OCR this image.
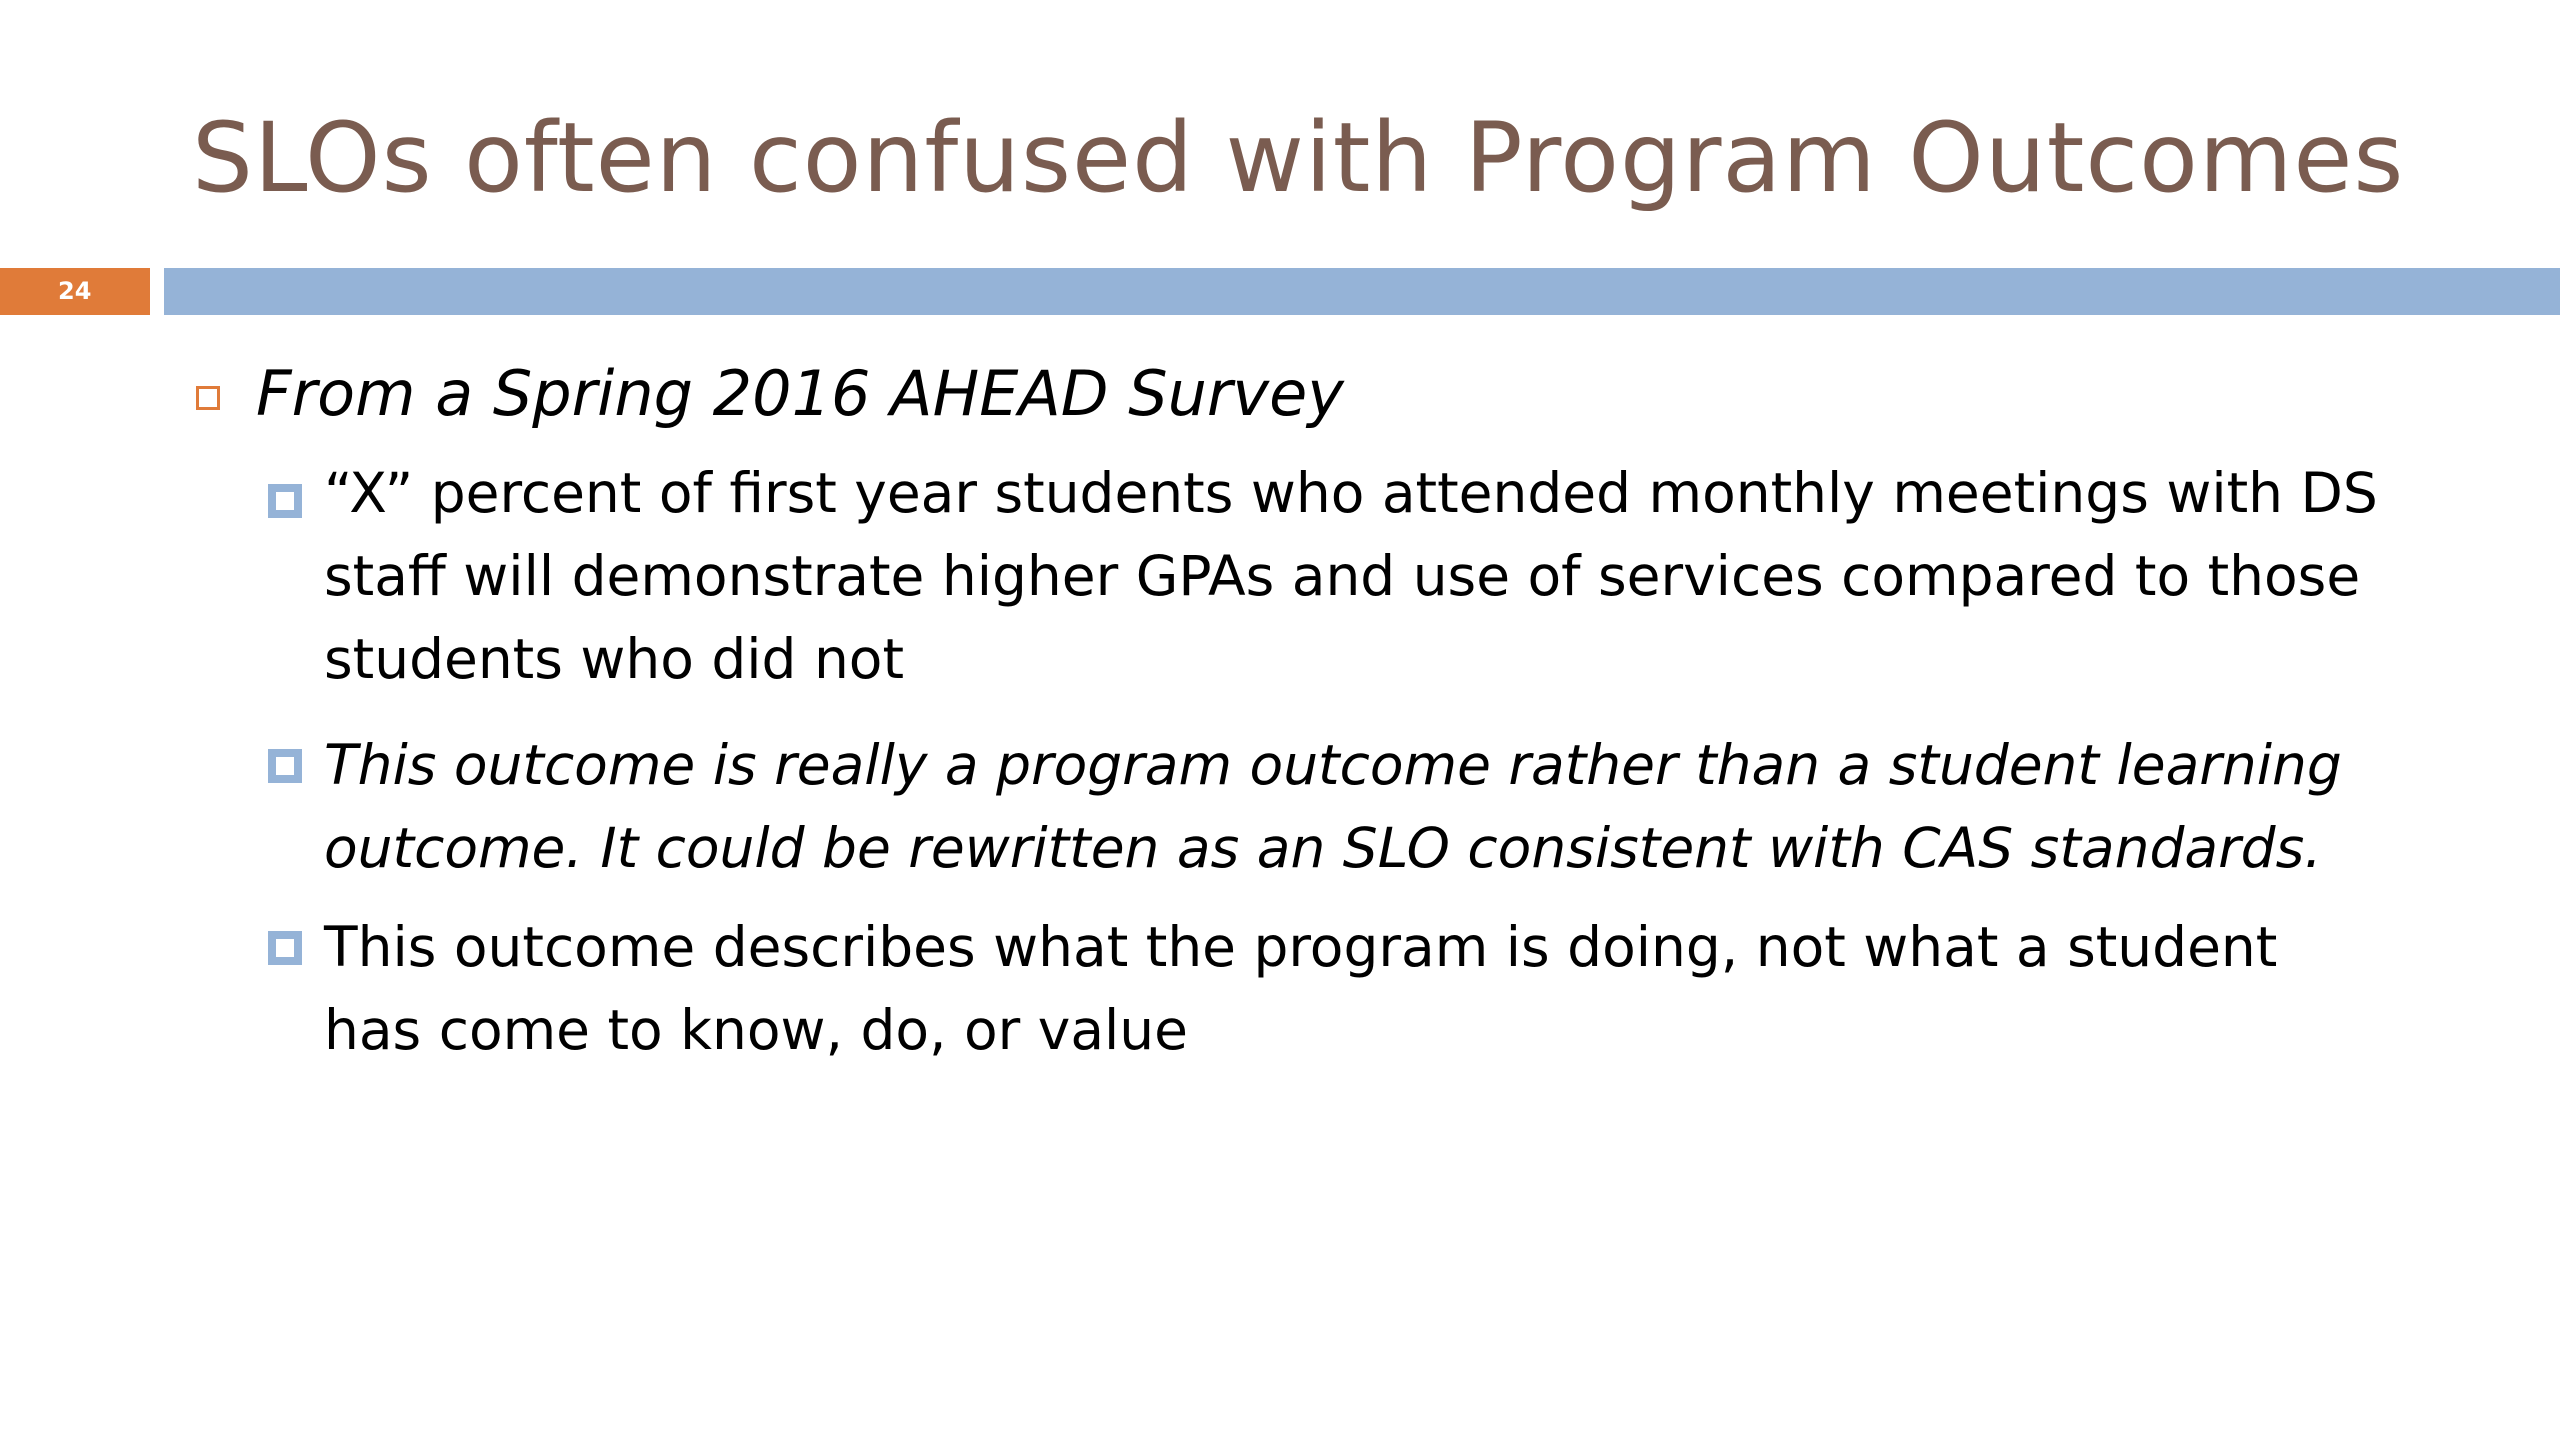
SLOs often confused with Program Outcomes
24
From a Spring 2016 AHEAD Survey
“X” percent of first year students who attended monthly meetings with DS staff will demonstrate higher GPAs and use of services compared to those students who did not
This outcome is really a program outcome rather than a student learning outcome. It could be rewritten as an SLO consistent with CAS standards.
This outcome describes what the program is doing, not what a student has come to know, do, or value
